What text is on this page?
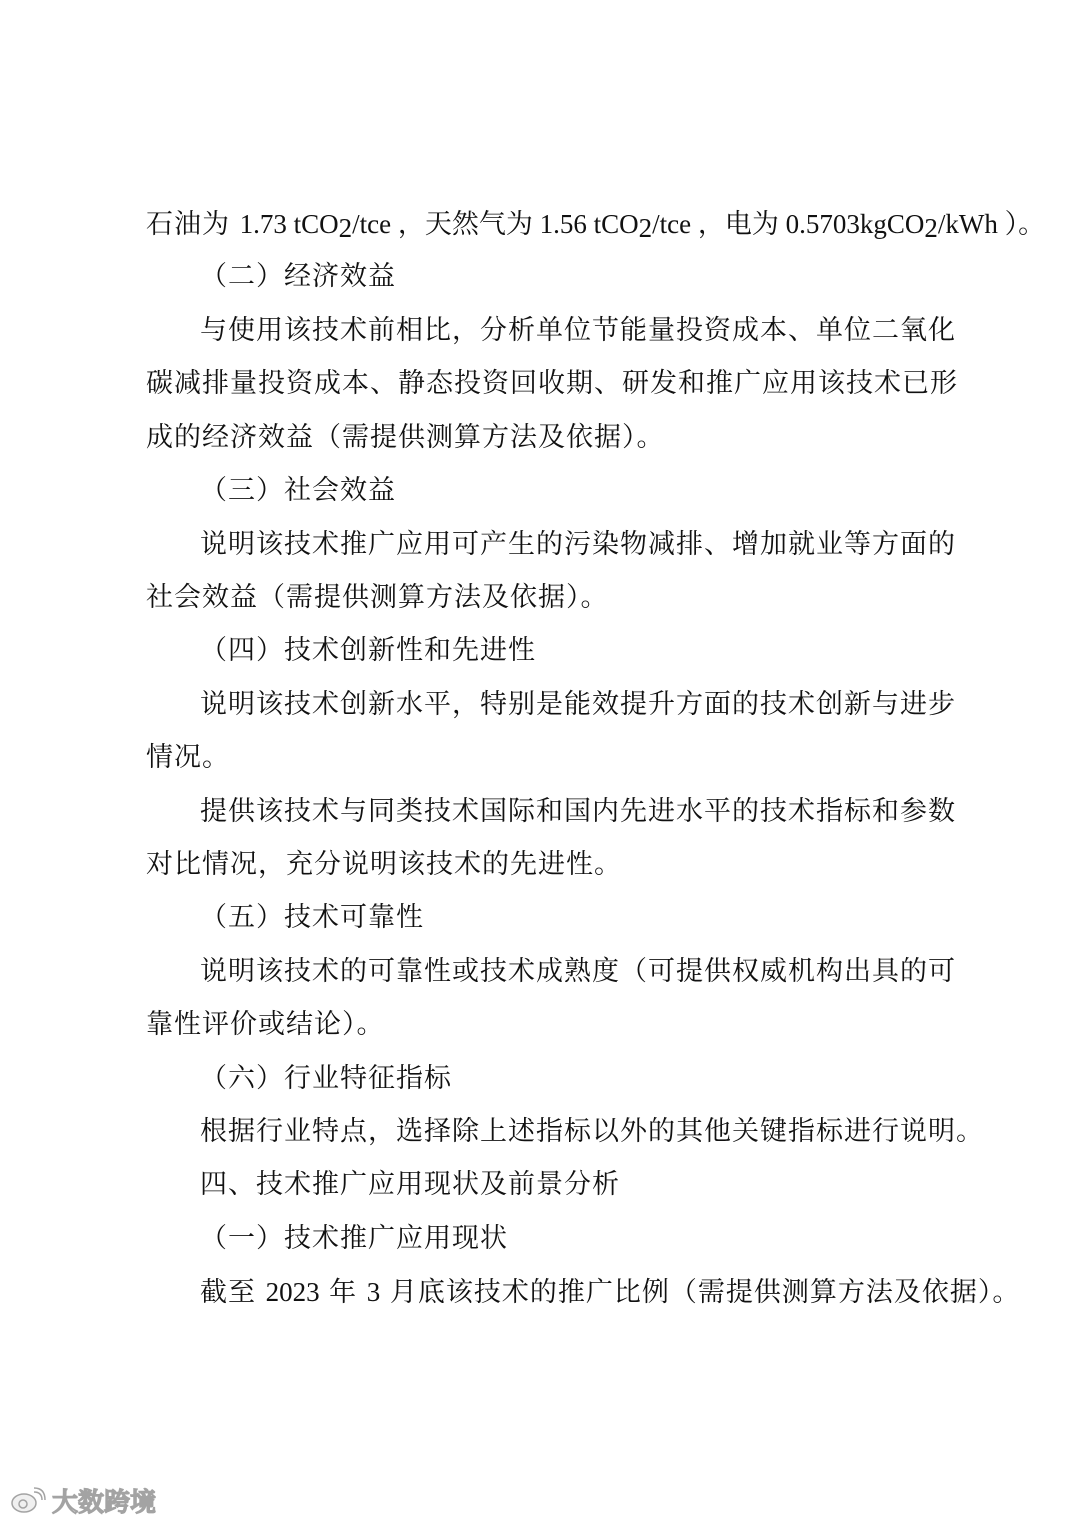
石油为 1.73 tCO$_2$/tce ，天然气为 1.56 tCO$_2$/tce ，电为 0.5703kgCO$_2$/kWh ）。
（二）经济效益
与使用该技术前相比，分析单位节能量投资成本、单位二氧化
碳减排量投资成本、静态投资回收期、研发和推广应用该技术已形
成的经济效益（需提供测算方法及依据）。
（三）社会效益
说明该技术推广应用可产生的污染物减排、增加就业等方面的
社会效益（需提供测算方法及依据）。
（四）技术创新性和先进性
说明该技术创新水平，特别是能效提升方面的技术创新与进步
情况。
提供该技术与同类技术国际和国内先进水平的技术指标和参数
对比情况，充分说明该技术的先进性。
（五）技术可靠性
说明该技术的可靠性或技术成熟度（可提供权威机构出具的可
靠性评价或结论）。
（六）行业特征指标
根据行业特点，选择除上述指标以外的其他关键指标进行说明。
四、技术推广应用现状及前景分析
（一）技术推广应用现状
截至 2023 年 3 月底该技术的推广比例（需提供测算方法及依据）。
大数跨境
